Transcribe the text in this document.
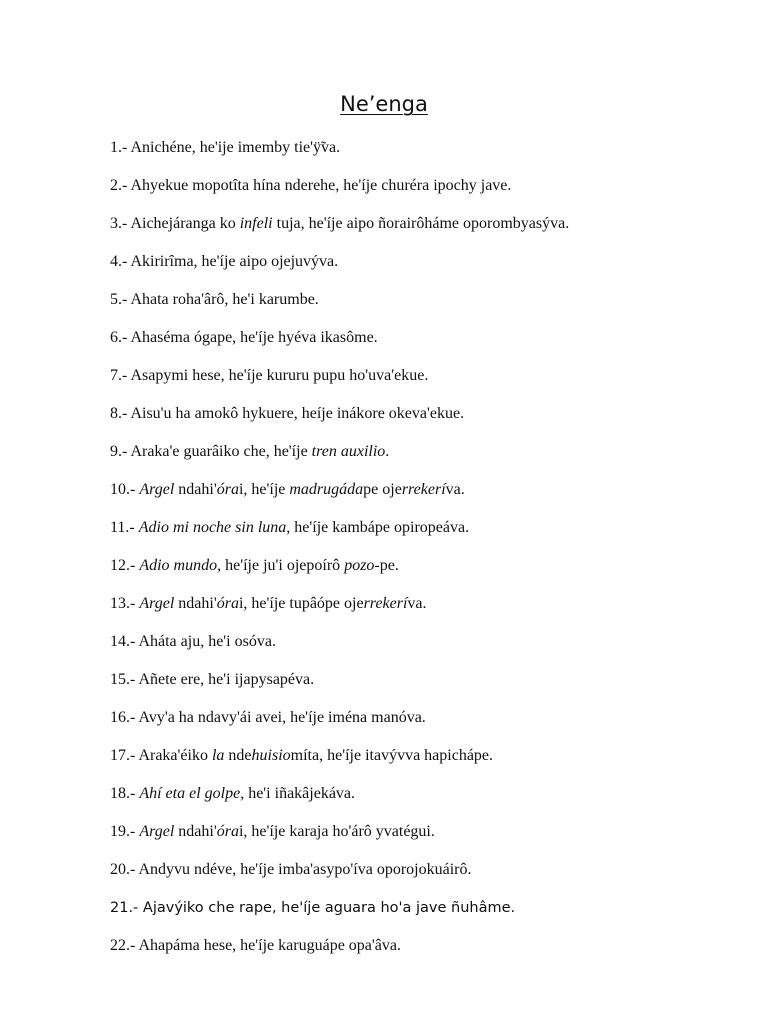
Ne’enga
1.- Anichéne, he'ije imemby tie'ÿ̃va.
2.- Ahyekue mopotîta hína nderehe, he'íje churéra ipochy jave.
3.- Aichejáranga ko infeli tuja, he'íje aipo ñorairôháme oporombyasýva.
4.- Akirirîma, he'íje aipo ojejuvýva.
5.- Ahata roha'ârô, he'i karumbe.
6.- Ahaséma ógape, he'íje hyéva ikasôme.
7.- Asapymi hese, he'íje kururu pupu ho'uva'ekue.
8.- Aisu'u ha amokô hykuere, heíje inákore okeva'ekue.
9.- Araka'e guarâiko che, he'íje tren auxilio.
10.- Argel ndahi'órai, he'íje madrugádape ojerrekeríva.
11.- Adio mi noche sin luna, he'íje kambápe opiropeáva.
12.- Adio mundo, he'íje ju'i ojepoírô pozo-pe.
13.- Argel ndahi'órai, he'íje tupâópe ojerrekeríva.
14.- Aháta aju, he'i osóva.
15.- Añete ere, he'i ijapysapéva.
16.- Avy'a ha ndavy'ái avei, he'íje iména manóva.
17.- Araka'éiko la ndehuisiomíta, he'íje itavývva hapichápe.
18.- Ahí eta el golpe, he'i iñakâjekáva.
19.- Argel ndahi'órai, he'íje karaja ho'árô yvatégui.
20.- Andyvu ndéve, he'íje imba'asypo'íva oporojokuáirô.
21.- Ajavýiko che rape, he'íje aguara ho'a jave ñuhâme.
22.- Ahapáma hese, he'íje karuguápe opa'âva.
